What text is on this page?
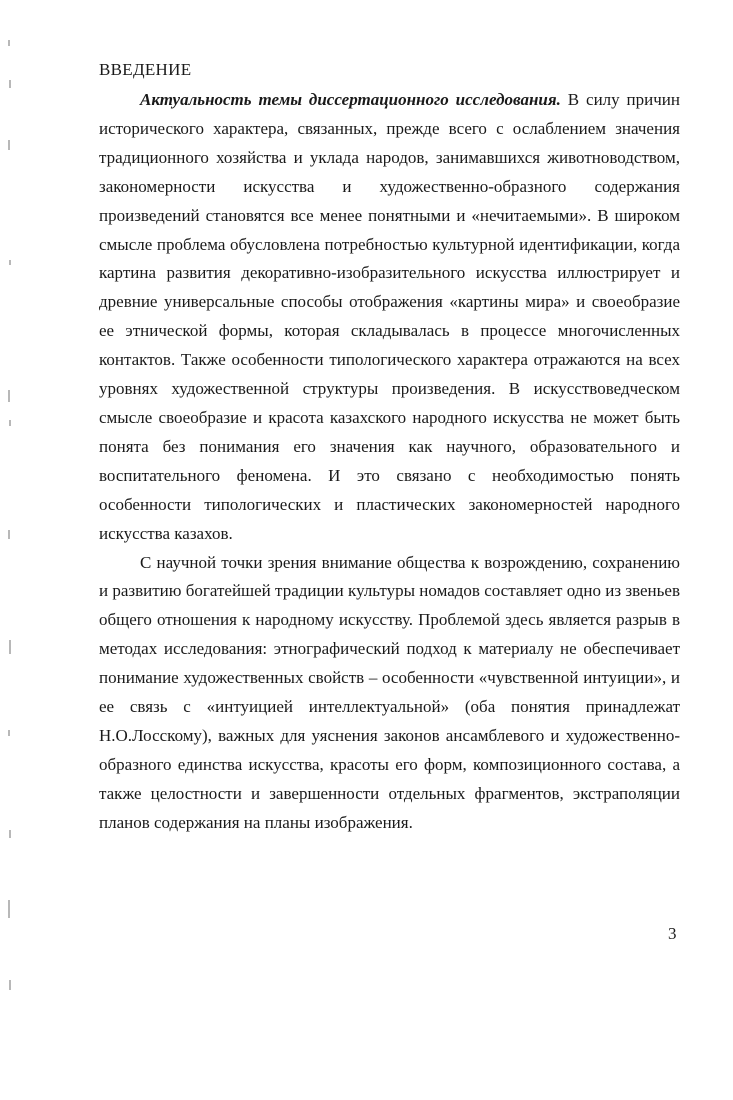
ВВЕДЕНИЕ

Актуальность темы диссертационного исследования. В силу причин исторического характера, связанных, прежде всего с ослаблением значения традиционного хозяйства и уклада народов, занимавшихся животноводством, закономерности искусства и художественно-образного содержания произведений становятся все менее понятными и «нечитаемыми». В широком смысле проблема обусловлена потребностью культурной идентификации, когда картина развития декоративно-изобразительного искусства иллюстрирует и древние универсальные способы отображения «картины мира» и своеобразие ее этнической формы, которая складывалась в процессе многочисленных контактов. Также особенности типологического характера отражаются на всех уровнях художественной структуры произведения. В искусствоведческом смысле своеобразие и красота казахского народного искусства не может быть понята без понимания его значения как научного, образовательного и воспитательного феномена. И это связано с необходимостью понять особенности типологических и пластических закономерностей народного искусства казахов.

С научной точки зрения внимание общества к возрождению, сохранению и развитию богатейшей традиции культуры номадов составляет одно из звеньев общего отношения к народному искусству. Проблемой здесь является разрыв в методах исследования: этнографический подход к материалу не обеспечивает понимание художественных свойств – особенности «чувственной интуиции», и ее связь с «интуицией интеллектуальной» (оба понятия принадлежат Н.О.Лосскому), важных для уяснения законов ансамблевого и художественно-образного единства искусства, красоты его форм, композиционного состава, а также целостности и завершенности отдельных фрагментов, экстраполяции планов содержания на планы изображения.

3
